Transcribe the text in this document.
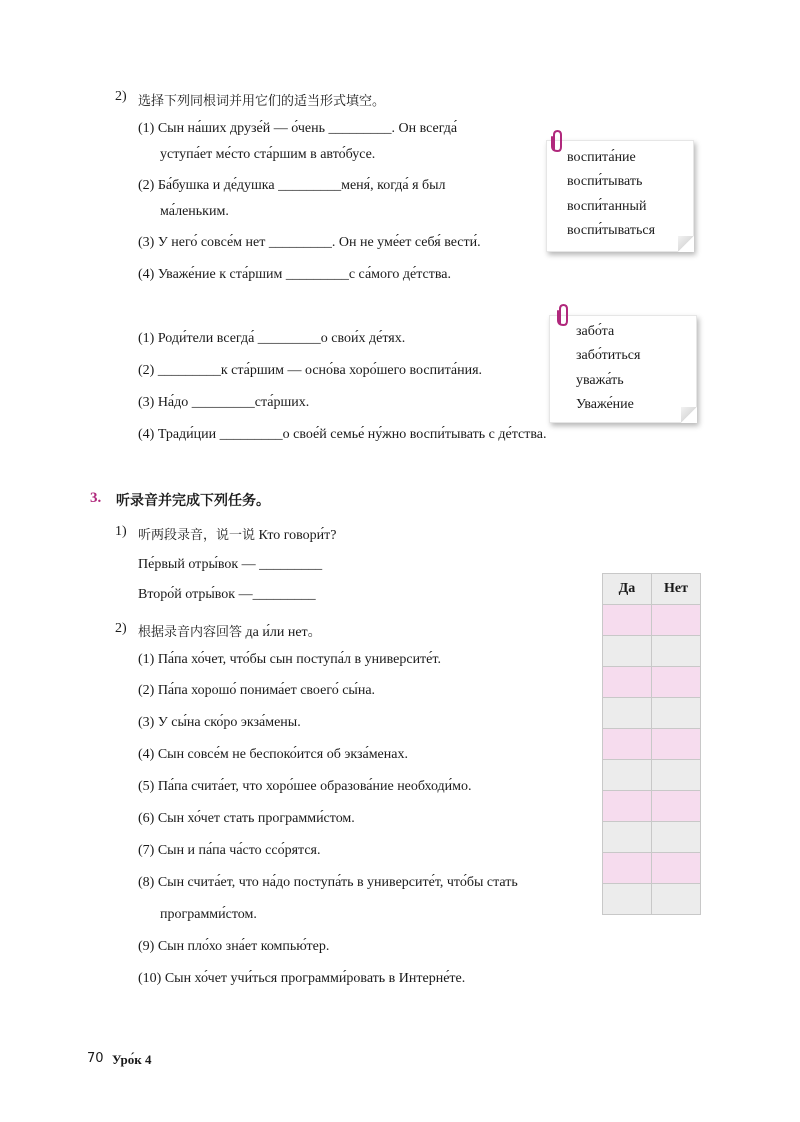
2) 选择下列同根词并用它们的适当形式填空。
(1) Сын на́ших друзе́й — о́чень _________. Он всегда́
уступа́ет ме́сто ста́ршим в авто́бусе.
(2) Ба́бушка и де́душка _________меня́, когда́ я был
ма́леньким.
(3) У него́ совсе́м нет _________. Он не уме́ет себя́ вести́.
(4) Уваже́ние к ста́ршим _________с са́мого де́тства.
воспита́ние
воспи́тывать
воспи́танный
воспи́тываться
(1) Роди́тели всегда́ _________о свои́х де́тях.
(2) _________к ста́ршим — осно́ва хоро́шего воспита́ния.
(3) На́до _________ста́рших.
(4) Тради́ции _________о свое́й семье́ ну́жно воспи́тывать с де́тства.
забо́та
забо́титься
уважа́ть
Уваже́ние
3. 听录音并完成下列任务。
1) 听两段录音，说一说 Кто говори́т?
Пе́рвый отры́вок — _________
Второ́й отры́вок —_________
2) 根据录音内容回答 да и́ли нет。
(1) Па́па хо́чет, что́бы сын поступа́л в университе́т.
(2) Па́па хорошо́ понима́ет своего́ сы́на.
(3) У сы́на ско́ро экза́мены.
(4) Сын совсе́м не беспоко́ится об экза́менах.
(5) Па́па счита́ет, что хоро́шее образова́ние необходи́мо.
(6) Сын хо́чет стать программи́стом.
(7) Сын и па́па ча́сто ссо́рятся.
(8) Сын счита́ет, что на́до поступа́ть в университе́т, что́бы стать
программи́стом.
(9) Сын пло́хо зна́ет компью́тер.
(10) Сын хо́чет учи́ться программи́ровать в Интерне́те.
Да	Нет

70 Уро́к 4
